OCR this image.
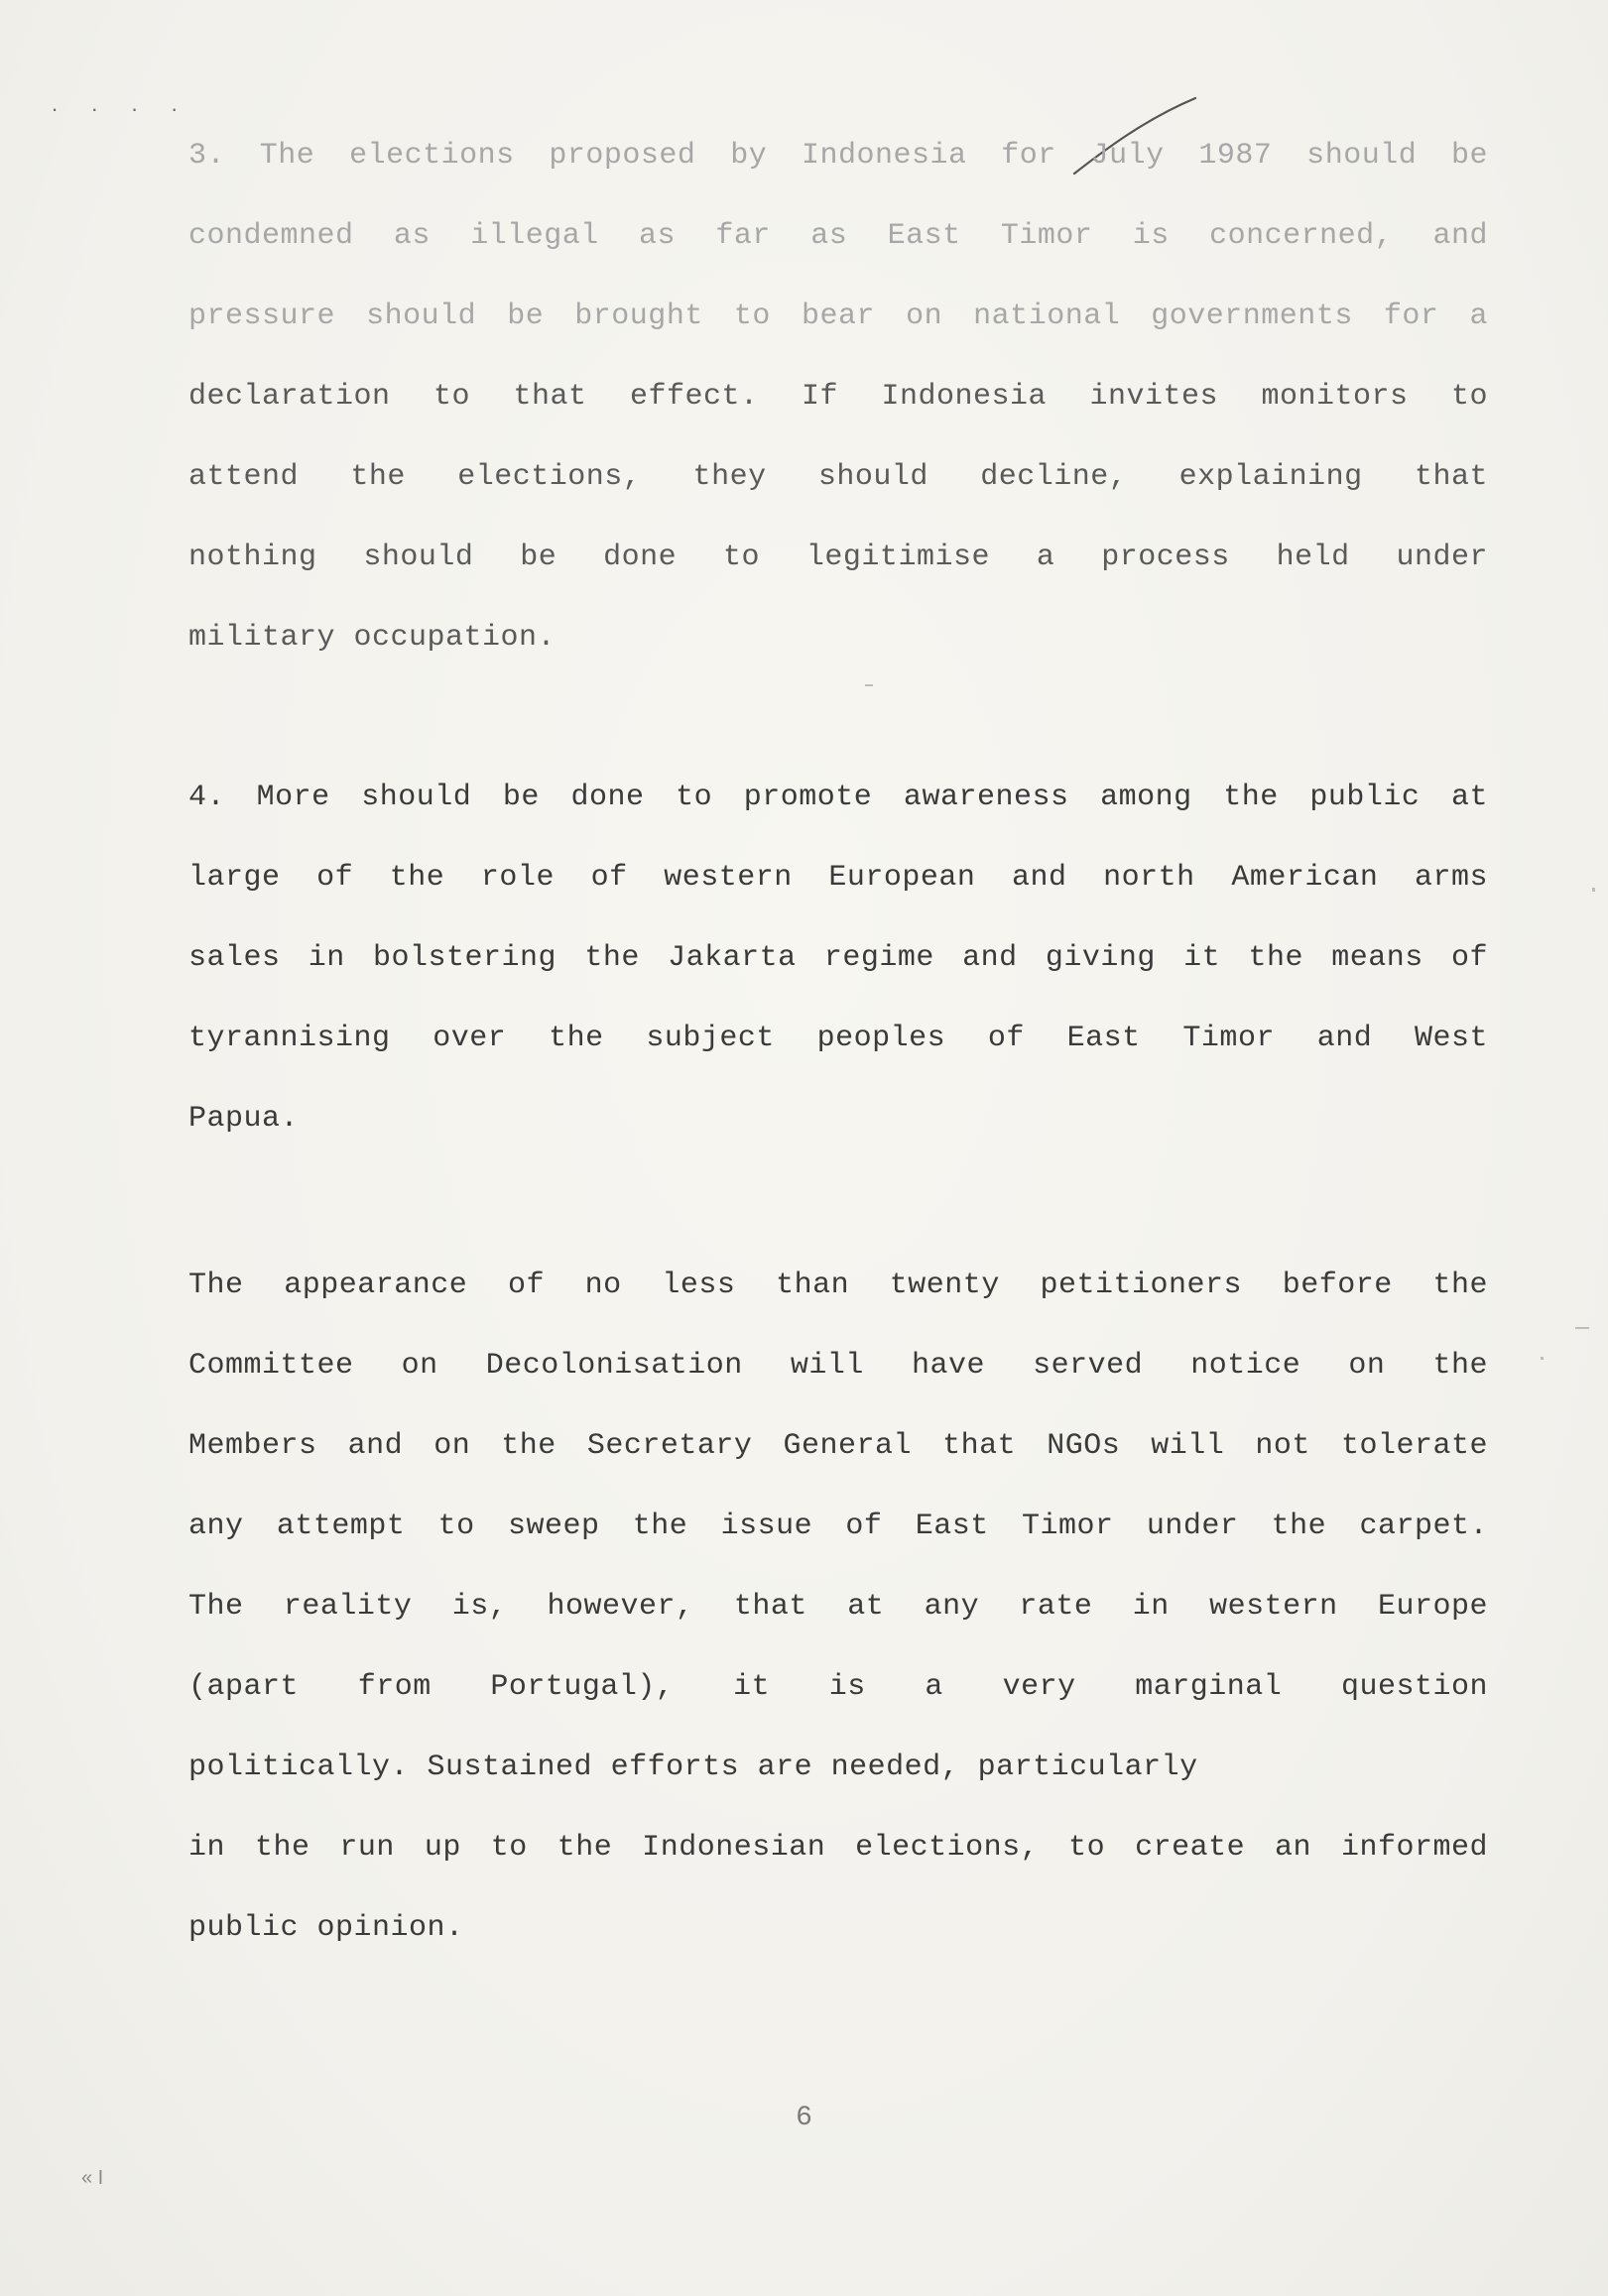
. . . .
3. The elections proposed by Indonesia for July 1987 should be
condemned as illegal as far as East Timor is concerned, and
pressure should be brought to bear on national governments for a
declaration to that effect. If Indonesia invites monitors to
attend the elections, they should decline, explaining that
nothing should be done to legitimise a process held under
military occupation.
4. More should be done to promote awareness among the public at
large of the role of western European and north American arms
sales in bolstering the Jakarta regime and giving it the means of
tyrannising over the subject peoples of East Timor and West
Papua.
The appearance of no less than twenty petitioners before the
Committee on Decolonisation will have served notice on the
Members and on the Secretary General that NGOs will not tolerate
any attempt to sweep the issue of East Timor under the carpet.
The reality is, however, that at any rate in western Europe
(apart from Portugal), it is a very marginal question
politically. Sustained efforts are needed, particularly
in the run up to the Indonesian elections, to create an informed
public opinion.
6
« I
